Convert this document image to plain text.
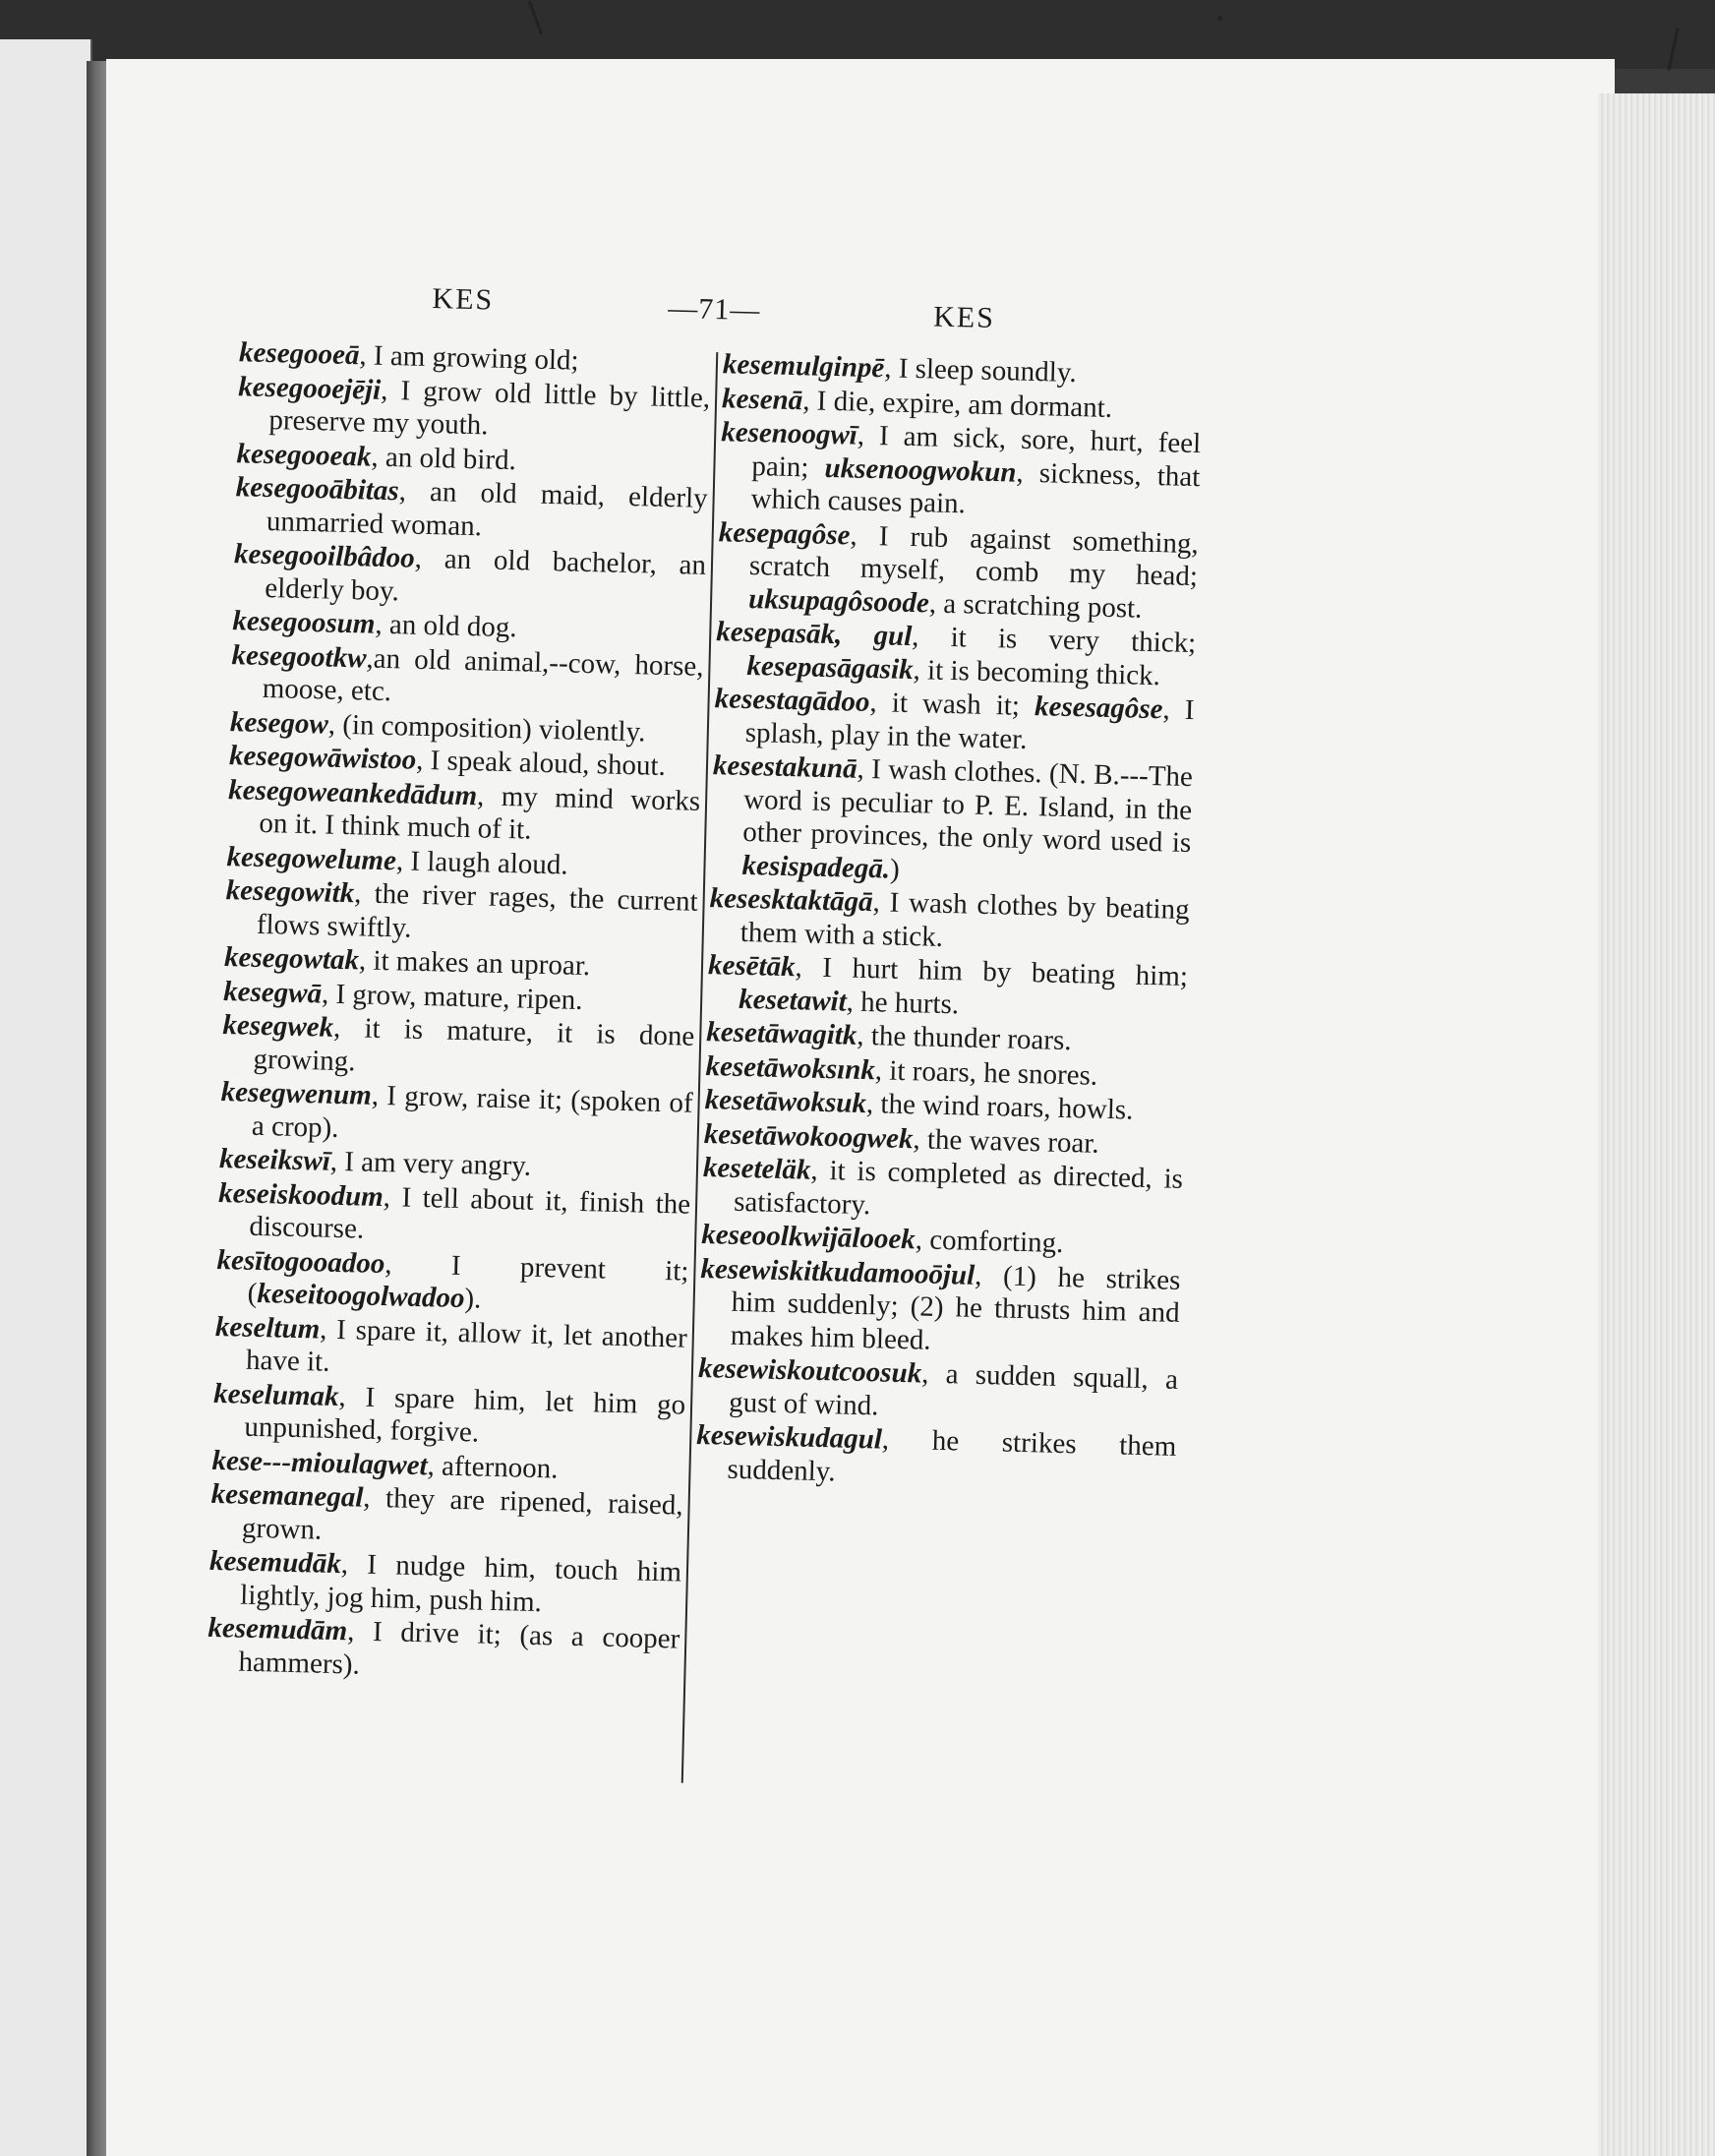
KES	—71—	KES

kesegooeā, I am growing old;

kesegooejēji, I grow old little by little, preserve my youth.

kesegooeak, an old bird.

kesegooābitas, an old maid, elderly unmarried woman.

kesegooilbâdoo, an old bachelor, an elderly boy.

kesegoosum, an old dog.

kesegootkw,an old animal,--cow, horse, moose, etc.

kesegow, (in composition) violently.

kesegowāwistoo, I speak aloud, shout.

kesegoweankedādum, my mind works on it. I think much of it.

kesegowelume, I laugh aloud.

kesegowitk, the river rages, the current flows swiftly.

kesegowtak, it makes an uproar.

kesegwā, I grow, mature, ripen.

kesegwek, it is mature, it is done growing.

kesegwenum, I grow, raise it; (spoken of a crop).

keseikswī, I am very angry.

keseiskoodum, I tell about it, finish the discourse.

kesītogooadoo, I prevent it; (keseitoogolwadoo).

keseltum, I spare it, allow it, let another have it.

keselumak, I spare him, let him go unpunished, forgive.

kese---mioulagwet, afternoon.

kesemanegal, they are ripened, raised, grown.

kesemudāk, I nudge him, touch him lightly, jog him, push him.

kesemudām, I drive it; (as a cooper hammers).

kesemulginpē, I sleep soundly.

kesenā, I die, expire, am dormant.

kesenoogwī, I am sick, sore, hurt, feel pain; uksenoogwokun, sickness, that which causes pain.

kesepagôse, I rub against something, scratch myself, comb my head; uksupagôsoode, a scratching post.

kesepasāk, gul, it is very thick; kesepasāgasik, it is becoming thick.

kesestagādoo, it wash it; kesesagôse, I splash, play in the water.

kesestakunā, I wash clothes. (N. B.---The word is peculiar to P. E. Island, in the other provinces, the only word used is kesispadegā.)

kesesktaktāgā, I wash clothes by beating them with a stick.

kesētāk, I hurt him by beating him; kesetawit, he hurts.

kesetāwagitk, the thunder roars.

kesetāwoksınk, it roars, he snores.

kesetāwoksuk, the wind roars, howls.

kesetāwokoogwek, the waves roar.

keseteläk, it is completed as directed, is satisfactory.

keseoolkwijālooek, comforting.

kesewiskitkudamooōjul, (1) he strikes him suddenly; (2) he thrusts him and makes him bleed.

kesewiskoutcoosuk, a sudden squall, a gust of wind.

kesewiskudagul, he strikes them suddenly.
